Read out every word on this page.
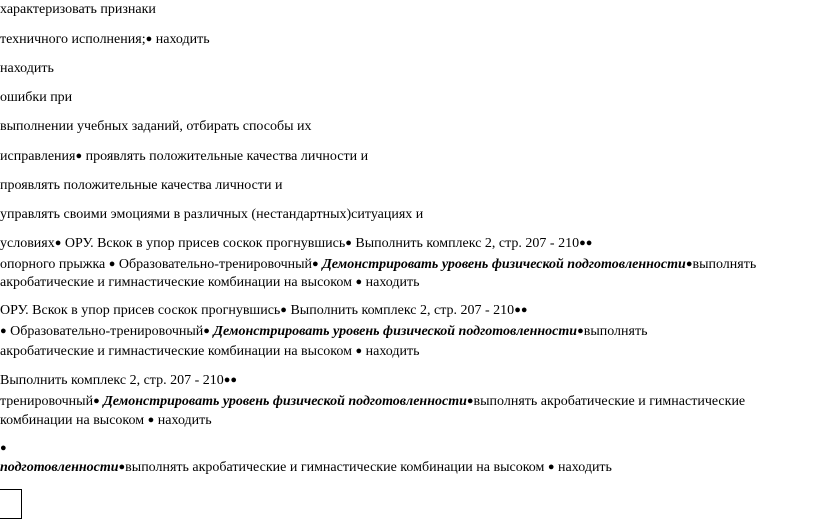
характеризовать признаки
техничного исполнения;● находить
находить
ошибки при
выполнении учебных заданий, отбирать способы их
исправления● проявлять положительные качества личности и
проявлять положительные качества личности и
управлять своими эмоциями в различных (нестандартных)ситуациях и
условиях● ОРУ. Вскок в упор присев соскок прогнувшись● Выполнить комплекс 2, стр. 207 - 210●●
опорного прыжка ● Образовательно-тренировочный● Демонстрировать уровень физической подготовленности●выполнять
акробатические и гимнастические комбинации на высоком ● находить
ОРУ. Вскок в упор присев соскок прогнувшись● Выполнить комплекс 2, стр. 207 - 210●●
● Образовательно-тренировочный● Демонстрировать уровень физической подготовленности●выполнять
акробатические и гимнастические комбинации на высоком ● находить
Выполнить комплекс 2, стр. 207 - 210●●
тренировочный● Демонстрировать уровень физической подготовленности●выполнять акробатические и гимнастические
комбинации на высоком ● находить
●
подготовленности●выполнять акробатические и гимнастические комбинации на высоком ● находить
